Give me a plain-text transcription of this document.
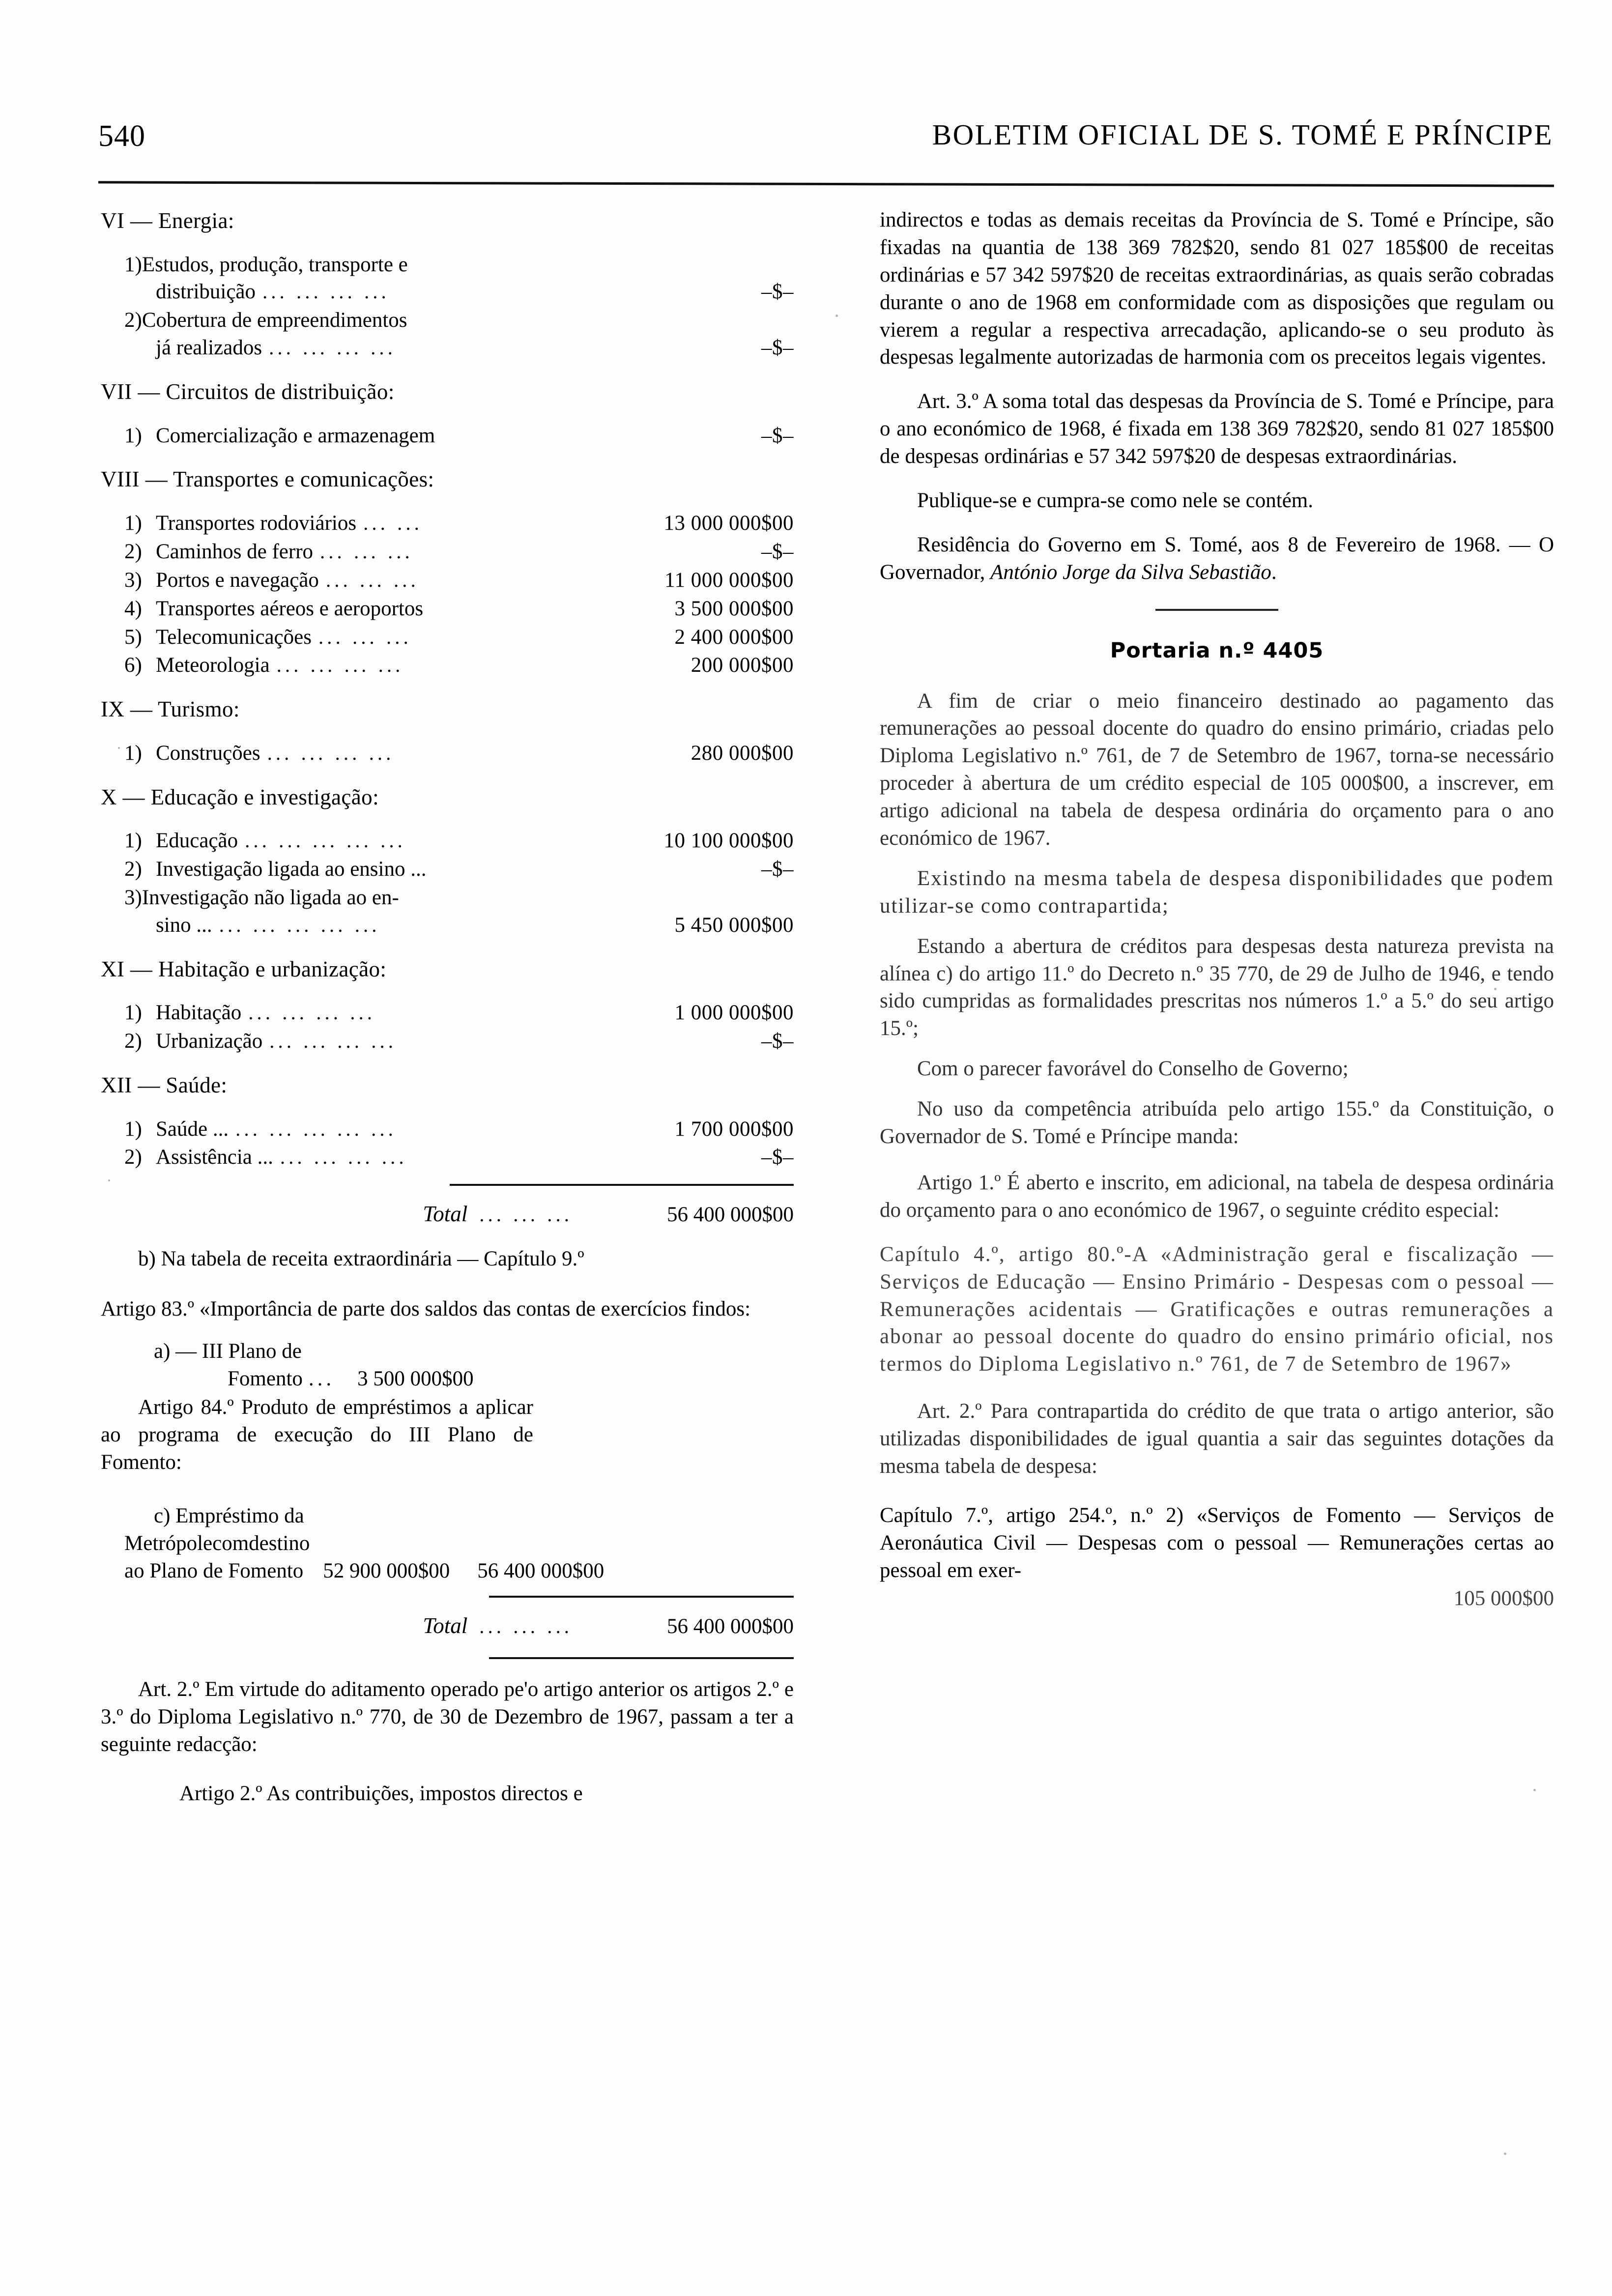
540	BOLETIM OFICIAL DE S. TOMÉ E PRÍNCIPE
VI — Energia:
1)Estudos, produção, transporte e
distribuição ... ... ... ...	–$–
2)Cobertura de empreendimentos
já realizados ... ... ... ...	–$–
VII — Circuitos de distribuição:
1) Comercialização e armazenagem	–$–
VIII — Transportes e comunicações:
1) Transportes rodoviários ... ...	13 000 000$00
2) Caminhos de ferro ... ... ...	–$–
3) Portos e navegação ... ... ...	11 000 000$00
4) Transportes aéreos e aeroportos	3 500 000$00
5) Telecomunicações ... ... ...	2 400 000$00
6) Meteorologia ... ... ... ...	200 000$00
IX — Turismo:
1) Construções ... ... ... ...	280 000$00
X — Educação e investigação:
1) Educação ... ... ... ... ...	10 100 000$00
2) Investigação ligada ao ensino ...	–$–
3)Investigação não ligada ao en-
sino ... ... ... ... ... ...	5 450 000$00
XI — Habitação e urbanização:
1) Habitação ... ... ... ...	1 000 000$00
2) Urbanização ... ... ... ...	–$–
XII — Saúde:
1) Saúde ... ... ... ... ... ...	1 700 000$00
2) Assistência ... ... ... ... ...	–$–
Total ... ... ...	56 400 000$00

b) Na tabela de receita extraordinária — Capítulo 9.º

Artigo 83.º «Importância de parte dos saldos das contas de exercícios findos:

a) — III Plano de
Fomento ...	3 500 000$00

Artigo 84.º Produto de empréstimos a aplicar ao programa de execução do III Plano de Fomento:

c) Empréstimo da
Metrópolecomdestino
ao Plano de Fomento 52 900 000$00	56 400 000$00
Total ... ... ...	56 400 000$00

Art. 2.º Em virtude do aditamento operado pe'o artigo anterior os artigos 2.º e 3.º do Diploma Legislativo n.º 770, de 30 de Dezembro de 1967, passam a ter a seguinte redacção:

Artigo 2.º As contribuições, impostos directos e

indirectos e todas as demais receitas da Província de S. Tomé e Príncipe, são fixadas na quantia de 138 369 782$20, sendo 81 027 185$00 de receitas ordinárias e 57 342 597$20 de receitas extraordinárias, as quais serão cobradas durante o ano de 1968 em conformidade com as disposições que regulam ou vierem a regular a respectiva arrecadação, aplicando-se o seu produto às despesas legalmente autorizadas de harmonia com os preceitos legais vigentes.

Art. 3.º A soma total das despesas da Província de S. Tomé e Príncipe, para o ano económico de 1968, é fixada em 138 369 782$20, sendo 81 027 185$00 de despesas ordinárias e 57 342 597$20 de despesas extraordinárias.

Publique-se e cumpra-se como nele se contém.

Residência do Governo em S. Tomé, aos 8 de Fevereiro de 1968. — O Governador, António Jorge da Silva Sebastião.

Portaria n.º 4405

A fim de criar o meio financeiro destinado ao pagamento das remunerações ao pessoal docente do quadro do ensino primário, criadas pelo Diploma Legislativo n.º 761, de 7 de Setembro de 1967, torna-se necessário proceder à abertura de um crédito especial de 105 000$00, a inscrever, em artigo adicional na tabela de despesa ordinária do orçamento para o ano económico de 1967.

Existindo na mesma tabela de despesa disponibilidades que podem utilizar-se como contrapartida;

Estando a abertura de créditos para despesas desta natureza prevista na alínea c) do artigo 11.º do Decreto n.º 35 770, de 29 de Julho de 1946, e tendo sido cumpridas as formalidades prescritas nos números 1.º a 5.º do seu artigo 15.º;

Com o parecer favorável do Conselho de Governo;

No uso da competência atribuída pelo artigo 155.º da Constituição, o Governador de S. Tomé e Príncipe manda:

Artigo 1.º É aberto e inscrito, em adicional, na tabela de despesa ordinária do orçamento para o ano económico de 1967, o seguinte crédito especial:

105 000$00

Capítulo 4.º, artigo 80.º-A «Administração geral e fiscalização — Serviços de Educação — Ensino Primário - Despesas com o pessoal — Remunerações acidentais — Gratificações e outras remunerações a abonar ao pessoal docente do quadro do ensino primário oficial, nos termos do Diploma Legislativo n.º 761, de 7 de Setembro de 1967»

Art. 2.º Para contrapartida do crédito de que trata o artigo anterior, são utilizadas disponibilidades de igual quantia a sair das seguintes dotações da mesma tabela de despesa:

Capítulo 7.º, artigo 254.º, n.º 2) «Serviços de Fomento — Serviços de Aeronáutica Civil — Despesas com o pessoal — Remunerações certas ao pessoal em exer-
